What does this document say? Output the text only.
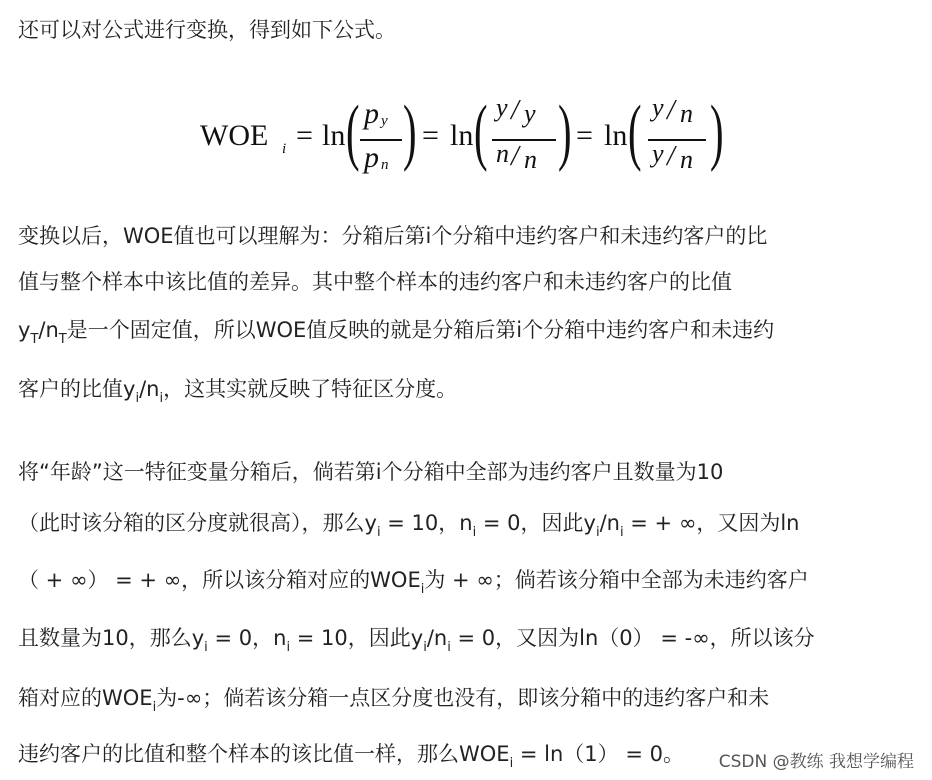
还可以对公式进行变换，得到如下公式。
WOE i = ln ( p y
p n ) = ln ( y / y
n / n ) = ln ( y / n
y / n )
变换以后，WOE值也可以理解为：分箱后第i个分箱中违约客户和未违约客户的比
值与整个样本中该比值的差异。其中整个样本的违约客户和未违约客户的比值
$y_T/n_T$是一个固定值，所以WOE值反映的就是分箱后第i个分箱中违约客户和未违约
客户的比值$y_i/n_i$，这其实就反映了特征区分度。
将“年龄”这一特征变量分箱后，倘若第i个分箱中全部为违约客户且数量为10
（此时该分箱的区分度就很高），那么$y_i = 10$，$n_i = 0$，因此$y_i/n_i$ = + ∞，又因为ln
（ + ∞） = + ∞，所以该分箱对应的$WOE_i$为 + ∞；倘若该分箱中全部为未违约客户
且数量为10，那么$y_i = 0$，$n_i = 10$，因此$y_i/n_i = 0$，又因为ln（0） = -∞，所以该分
箱对应的$WOE_i$为-∞；倘若该分箱一点区分度也没有，即该分箱中的违约客户和未
违约客户的比值和整个样本的该比值一样，那么$WOE_i = \ln(1) = 0$。 CSDN @教练 我想学编程
